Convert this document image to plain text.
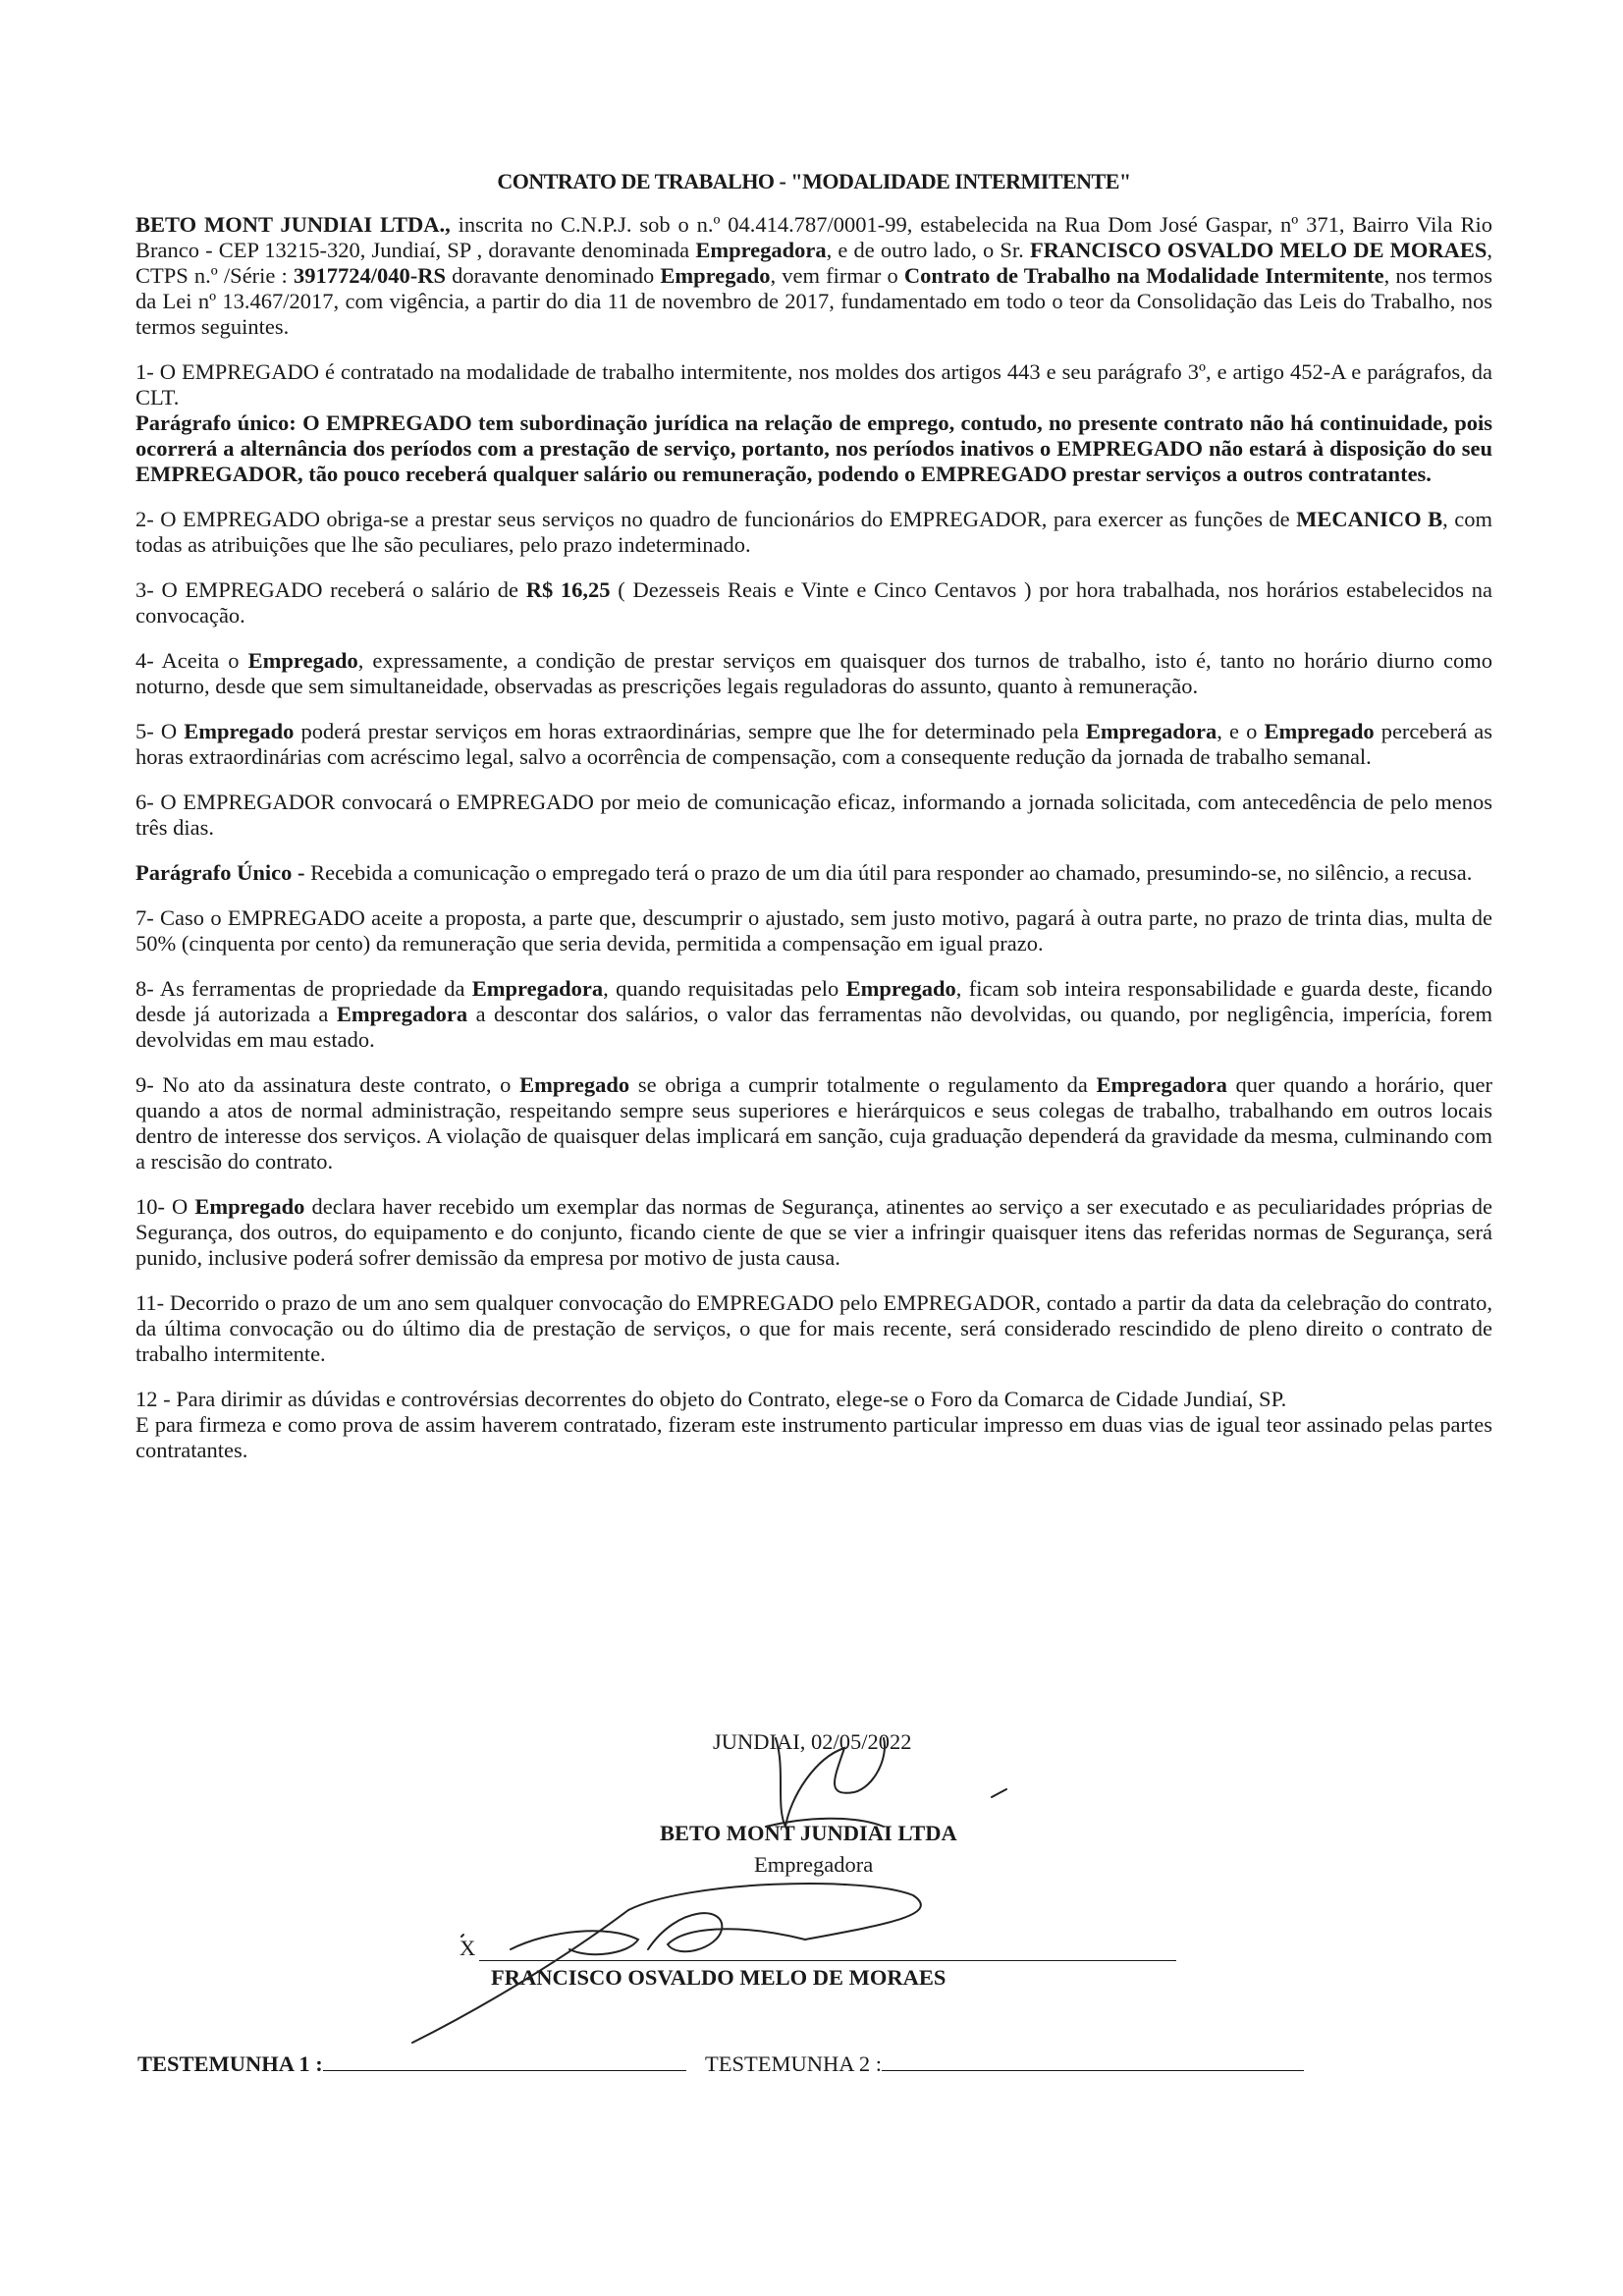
CONTRATO DE TRABALHO - "MODALIDADE INTERMITENTE"

BETO MONT JUNDIAI LTDA., inscrita no C.N.P.J. sob o n.º 04.414.787/0001-99, estabelecida na Rua Dom José Gaspar, nº 371, Bairro Vila Rio Branco - CEP 13215-320, Jundiaí, SP , doravante denominada Empregadora, e de outro lado, o Sr. FRANCISCO OSVALDO MELO DE MORAES, CTPS n.º /Série : 3917724/040-RS doravante denominado Empregado, vem firmar o Contrato de Trabalho na Modalidade Intermitente, nos termos da Lei nº 13.467/2017, com vigência, a partir do dia 11 de novembro de 2017, fundamentado em todo o teor da Consolidação das Leis do Trabalho, nos termos seguintes.

1- O EMPREGADO é contratado na modalidade de trabalho intermitente, nos moldes dos artigos 443 e seu parágrafo 3º, e artigo 452-A e parágrafos, da CLT.

Parágrafo único: O EMPREGADO tem subordinação jurídica na relação de emprego, contudo, no presente contrato não há continuidade, pois ocorrerá a alternância dos períodos com a prestação de serviço, portanto, nos períodos inativos o EMPREGADO não estará à disposição do seu EMPREGADOR, tão pouco receberá qualquer salário ou remuneração, podendo o EMPREGADO prestar serviços a outros contratantes.

2- O EMPREGADO obriga-se a prestar seus serviços no quadro de funcionários do EMPREGADOR, para exercer as funções de MECANICO B, com todas as atribuições que lhe são peculiares, pelo prazo indeterminado.

3- O EMPREGADO receberá o salário de R$ 16,25 ( Dezesseis Reais e Vinte e Cinco Centavos ) por hora trabalhada, nos horários estabelecidos na convocação.

4- Aceita o Empregado, expressamente, a condição de prestar serviços em quaisquer dos turnos de trabalho, isto é, tanto no horário diurno como noturno, desde que sem simultaneidade, observadas as prescrições legais reguladoras do assunto, quanto à remuneração.

5- O Empregado poderá prestar serviços em horas extraordinárias, sempre que lhe for determinado pela Empregadora, e o Empregado perceberá as horas extraordinárias com acréscimo legal, salvo a ocorrência de compensação, com a consequente redução da jornada de trabalho semanal.

6- O EMPREGADOR convocará o EMPREGADO por meio de comunicação eficaz, informando a jornada solicitada, com antecedência de pelo menos três dias.

Parágrafo Único - Recebida a comunicação o empregado terá o prazo de um dia útil para responder ao chamado, presumindo-se, no silêncio, a recusa.

7- Caso o EMPREGADO aceite a proposta, a parte que, descumprir o ajustado, sem justo motivo, pagará à outra parte, no prazo de trinta dias, multa de 50% (cinquenta por cento) da remuneração que seria devida, permitida a compensação em igual prazo.

8- As ferramentas de propriedade da Empregadora, quando requisitadas pelo Empregado, ficam sob inteira responsabilidade e guarda deste, ficando desde já autorizada a Empregadora a descontar dos salários, o valor das ferramentas não devolvidas, ou quando, por negligência, imperícia, forem devolvidas em mau estado.

9- No ato da assinatura deste contrato, o Empregado se obriga a cumprir totalmente o regulamento da Empregadora quer quando a horário, quer quando a atos de normal administração, respeitando sempre seus superiores e hierárquicos e seus colegas de trabalho, trabalhando em outros locais dentro de interesse dos serviços. A violação de quaisquer delas implicará em sanção, cuja graduação dependerá da gravidade da mesma, culminando com a rescisão do contrato.

10- O Empregado declara haver recebido um exemplar das normas de Segurança, atinentes ao serviço a ser executado e as peculiaridades próprias de Segurança, dos outros, do equipamento e do conjunto, ficando ciente de que se vier a infringir quaisquer itens das referidas normas de Segurança, será punido, inclusive poderá sofrer demissão da empresa por motivo de justa causa.

11- Decorrido o prazo de um ano sem qualquer convocação do EMPREGADO pelo EMPREGADOR, contado a partir da data da celebração do contrato, da última convocação ou do último dia de prestação de serviços, o que for mais recente, será considerado rescindido de pleno direito o contrato de trabalho intermitente.

12 - Para dirimir as dúvidas e controvérsias decorrentes do objeto do Contrato, elege-se o Foro da Comarca de Cidade Jundiaí, SP.

E para firmeza e como prova de assim haverem contratado, fizeram este instrumento particular impresso em duas vias de igual teor assinado pelas partes contratantes.

JUNDIAI, 02/05/2022
BETO MONT JUNDIAI LTDA
Empregadora
X
FRANCISCO OSVALDO MELO DE MORAES
TESTEMUNHA 1 :	TESTEMUNHA 2 :
